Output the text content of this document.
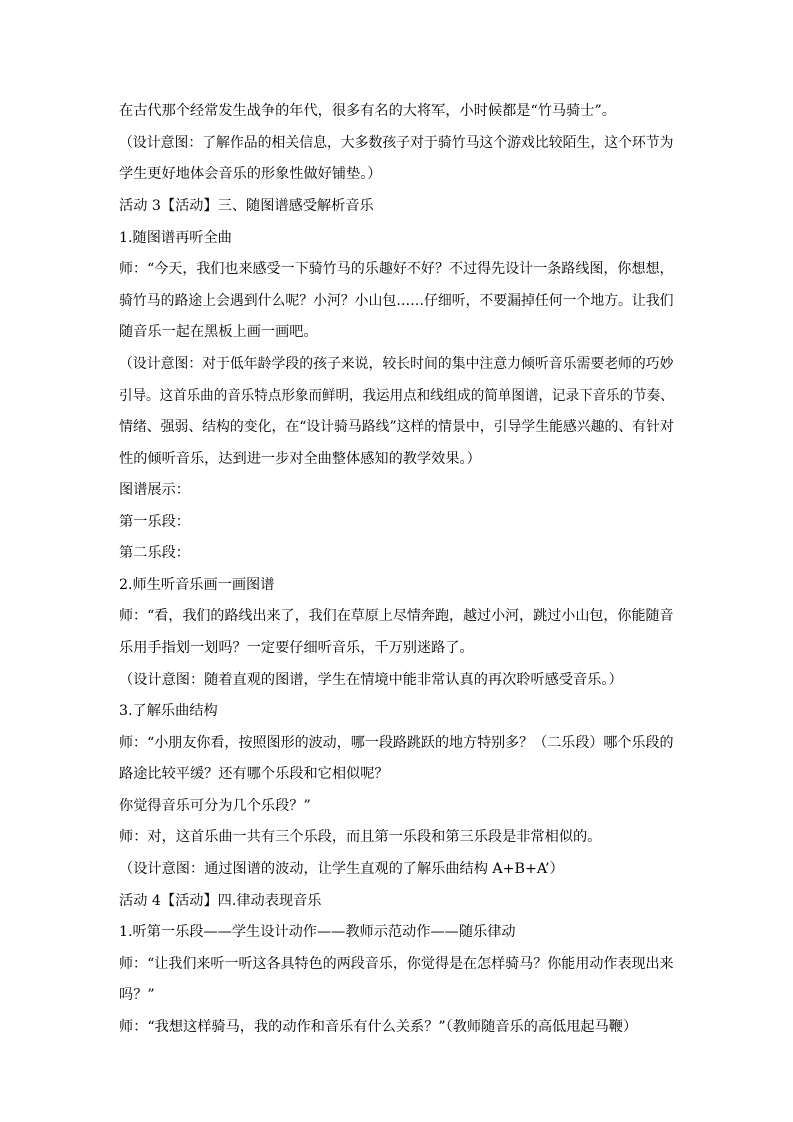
在古代那个经常发生战争的年代，很多有名的大将军，小时候都是“竹马骑士”。
（设计意图：了解作品的相关信息，大多数孩子对于骑竹马这个游戏比较陌生，这个环节为
学生更好地体会音乐的形象性做好铺垫。）
活动 3【活动】三、随图谱感受解析音乐
1.随图谱再听全曲
师：“今天，我们也来感受一下骑竹马的乐趣好不好？不过得先设计一条路线图，你想想，
骑竹马的路途上会遇到什么呢？小河？小山包……仔细听，不要漏掉任何一个地方。让我们
随音乐一起在黑板上画一画吧。
（设计意图：对于低年龄学段的孩子来说，较长时间的集中注意力倾听音乐需要老师的巧妙
引导。这首乐曲的音乐特点形象而鲜明，我运用点和线组成的简单图谱，记录下音乐的节奏、
情绪、强弱、结构的变化，在“设计骑马路线”这样的情景中，引导学生能感兴趣的、有针对
性的倾听音乐，达到进一步对全曲整体感知的教学效果。）
图谱展示：
第一乐段：
第二乐段：
2.师生听音乐画一画图谱
师：“看，我们的路线出来了，我们在草原上尽情奔跑，越过小河，跳过小山包，你能随音
乐用手指划一划吗？一定要仔细听音乐，千万别迷路了。
（设计意图：随着直观的图谱，学生在情境中能非常认真的再次聆听感受音乐。）
3.了解乐曲结构
师：“小朋友你看，按照图形的波动，哪一段路跳跃的地方特别多？（二乐段）哪个乐段的
路途比较平缓？还有哪个乐段和它相似呢？
你觉得音乐可分为几个乐段？”
师：对，这首乐曲一共有三个乐段，而且第一乐段和第三乐段是非常相似的。
（设计意图：通过图谱的波动，让学生直观的了解乐曲结构 A+B+A’）
活动 4【活动】四.律动表现音乐
1.听第一乐段——学生设计动作——教师示范动作——随乐律动
师：“让我们来听一听这各具特色的两段音乐，你觉得是在怎样骑马？你能用动作表现出来
吗？”
师：“我想这样骑马，我的动作和音乐有什么关系？”（教师随音乐的高低甩起马鞭）
